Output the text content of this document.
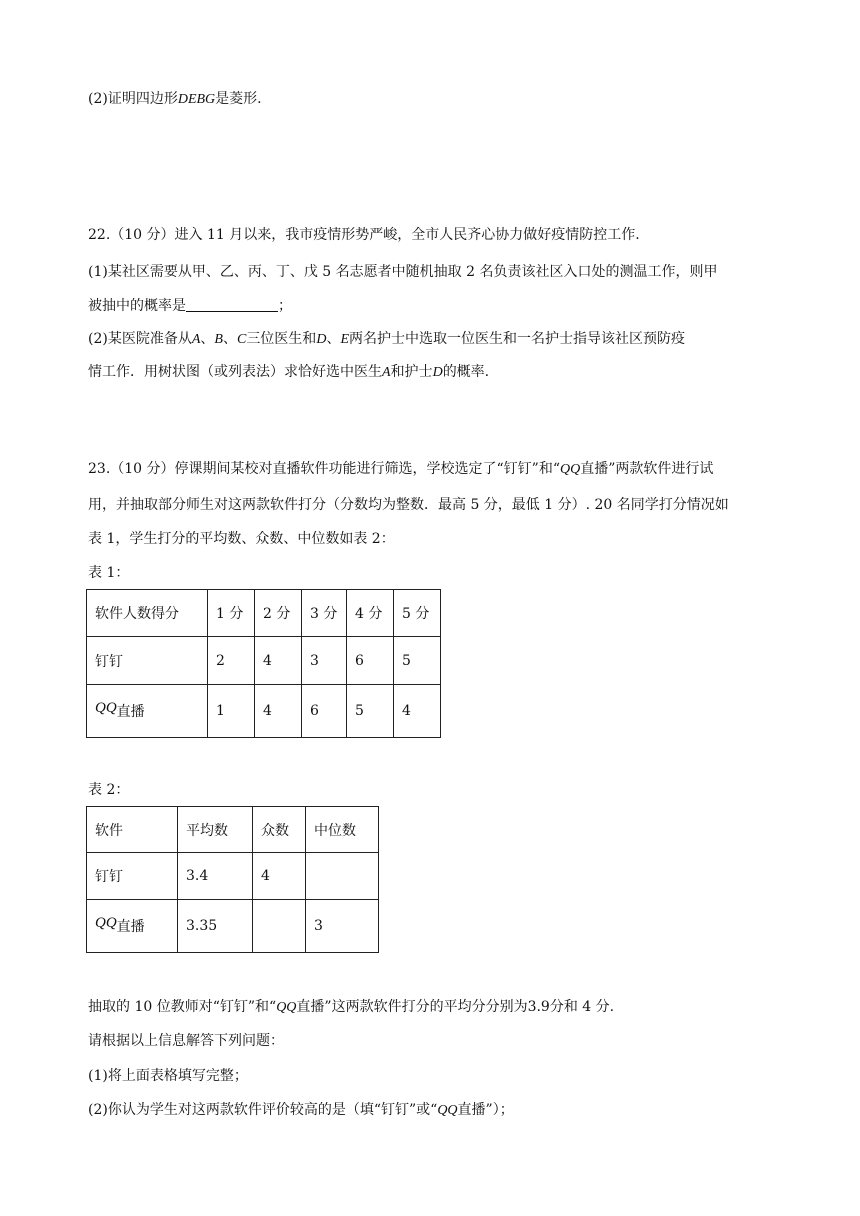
(2)证明四边形DEBG是菱形.
22.（10 分）进入 11 月以来，我市疫情形势严峻，全市人民齐心协力做好疫情防控工作.
(1)某社区需要从甲、乙、丙、丁、戊 5 名志愿者中随机抽取 2 名负责该社区入口处的测温工作，则甲
被抽中的概率是	；
(2)某医院准备从A、B、C三位医生和D、E两名护士中选取一位医生和一名护士指导该社区预防疫
情工作．用树状图（或列表法）求恰好选中医生A和护士D的概率.
23.（10 分）停课期间某校对直播软件功能进行筛选，学校选定了“钉钉”和“QQ直播”两款软件进行试
用，并抽取部分师生对这两款软件打分（分数均为整数．最高 5 分，最低 1 分）. 20 名同学打分情况如
表 1，学生打分的平均数、众数、中位数如表 2：
表 1：
软件人数得分	1 分	2 分	3 分	4 分	5 分
钉钉	2	4	3	6	5
QQ直播	1	4	6	5	4
表 2：
软件	平均数	众数	中位数
钉钉	3.4	4	
QQ直播	3.35		3
抽取的 10 位教师对“钉钉”和“QQ直播”这两款软件打分的平均分分别为3.9分和 4 分.
请根据以上信息解答下列问题：
(1)将上面表格填写完整；
(2)你认为学生对这两款软件评价较高的是（填“钉钉”或“QQ直播”）；
